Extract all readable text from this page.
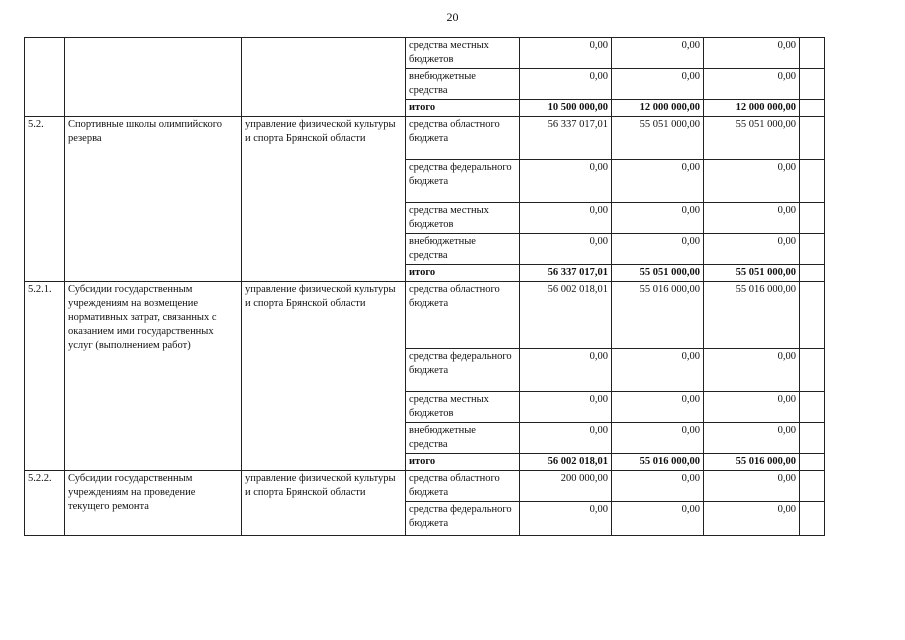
20
			средства местных бюджетов	0,00	0,00	0,00	
			внебюджетные средства	0,00	0,00	0,00	
			итого	10 500 000,00	12 000 000,00	12 000 000,00	
5.2.	Спортивные школы олимпийского резерва	управление физической культуры и спорта Брянской области	средства областного бюджета	56 337 017,01	55 051 000,00	55 051 000,00	
			средства федерального бюджета	0,00	0,00	0,00	
			средства местных бюджетов	0,00	0,00	0,00	
			внебюджетные средства	0,00	0,00	0,00	
			итого	56 337 017,01	55 051 000,00	55 051 000,00	
5.2.1.	Субсидии государственным учреждениям на возмещение нормативных затрат, связанных с оказанием ими государственных услуг (выполнением работ)	управление физической культуры и спорта Брянской области	средства областного бюджета	56 002 018,01	55 016 000,00	55 016 000,00	
			средства федерального бюджета	0,00	0,00	0,00	
			средства местных бюджетов	0,00	0,00	0,00	
			внебюджетные средства	0,00	0,00	0,00	
			итого	56 002 018,01	55 016 000,00	55 016 000,00	
5.2.2.	Субсидии государственным учреждениям на проведение текущего ремонта	управление физической культуры и спорта Брянской области	средства областного бюджета	200 000,00	0,00	0,00	
			средства федерального бюджета	0,00	0,00	0,00	
